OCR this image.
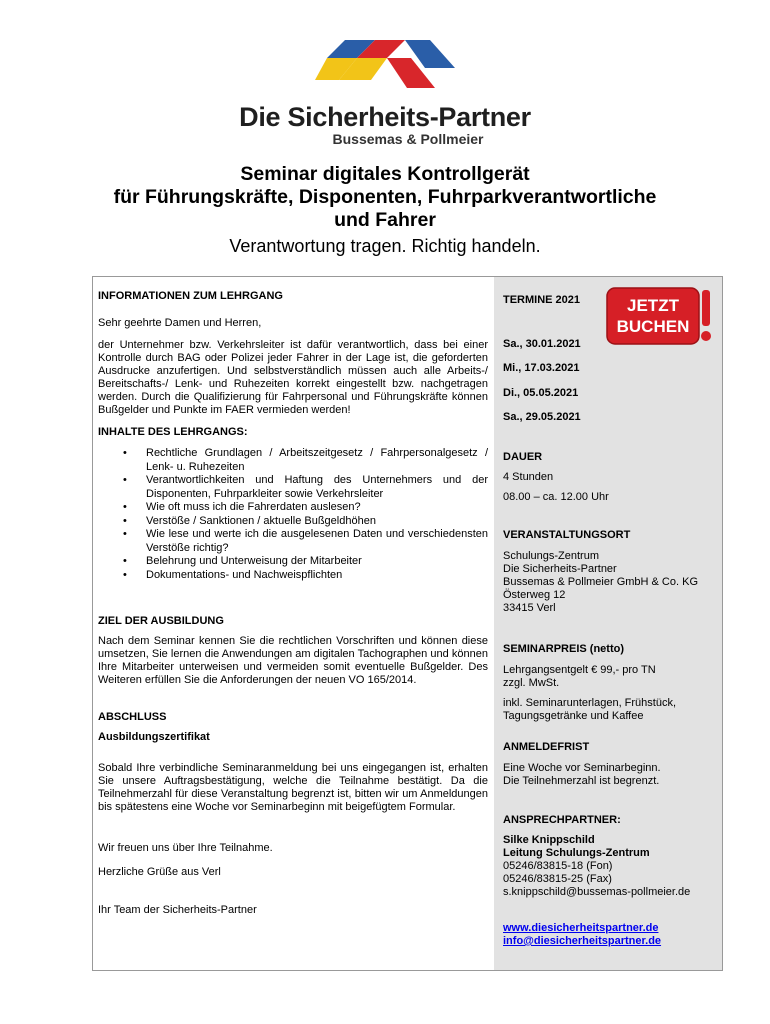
Die Sicherheits-Partner
Bussemas & Pollmeier
Seminar digitales Kontrollgerät
für Führungskräfte, Disponenten, Fuhrparkverantwortliche
und Fahrer
Verantwortung tragen. Richtig handeln.
INFORMATIONEN ZUM LEHRGANG
Sehr geehrte Damen und Herren,
der Unternehmer bzw. Verkehrsleiter ist dafür verantwortlich, dass bei einer Kontrolle durch BAG oder Polizei jeder Fahrer in der Lage ist, die geforderten Ausdrucke anzufertigen. Und selbstverständlich müssen auch alle Arbeits-/ Bereitschafts-/ Lenk- und Ruhezeiten korrekt eingestellt bzw. nachgetragen werden. Durch die Qualifizierung für Fahrpersonal und Führungskräfte können Bußgelder und Punkte im FAER vermieden werden!
INHALTE DES LEHRGANGS:
• Rechtliche Grundlagen / Arbeitszeitgesetz / Fahrpersonalgesetz / Lenk- u. Ruhezeiten
• Verantwortlichkeiten und Haftung des Unternehmers und der Disponenten, Fuhrparkleiter sowie Verkehrsleiter
• Wie oft muss ich die Fahrerdaten auslesen?
• Verstöße / Sanktionen / aktuelle Bußgeldhöhen
• Wie lese und werte ich die ausgelesenen Daten und verschiedensten Verstöße richtig?
• Belehrung und Unterweisung der Mitarbeiter
• Dokumentations- und Nachweispflichten
ZIEL DER AUSBILDUNG
Nach dem Seminar kennen Sie die rechtlichen Vorschriften und können diese umsetzen, Sie lernen die Anwendungen am digitalen Tachographen und können Ihre Mitarbeiter unterweisen und vermeiden somit eventuelle Bußgelder. Des Weiteren erfüllen Sie die Anforderungen der neuen VO 165/2014.
ABSCHLUSS
Ausbildungszertifikat
Sobald Ihre verbindliche Seminaranmeldung bei uns eingegangen ist, erhalten Sie unsere Auftragsbestätigung, welche die Teilnahme bestätigt. Da die Teilnehmerzahl für diese Veranstaltung begrenzt ist, bitten wir um Anmeldungen bis spätestens eine Woche vor Seminarbeginn mit beigefügtem Formular.
Wir freuen uns über Ihre Teilnahme.
Herzliche Grüße aus Verl
Ihr Team der Sicherheits-Partner
TERMINE 2021	JETZT
BUCHEN
Sa., 30.01.2021
Mi., 17.03.2021
Di., 05.05.2021
Sa., 29.05.2021
DAUER
4 Stunden
08.00 – ca. 12.00 Uhr
VERANSTALTUNGSORT
Schulungs-Zentrum
Die Sicherheits-Partner
Bussemas & Pollmeier GmbH & Co. KG
Österweg 12
33415 Verl
SEMINARPREIS (netto)
Lehrgangsentgelt € 99,- pro TN
zzgl. MwSt.
inkl. Seminarunterlagen, Frühstück,
Tagungsgetränke und Kaffee
ANMELDEFRIST
Eine Woche vor Seminarbeginn.
Die Teilnehmerzahl ist begrenzt.
ANSPRECHPARTNER:
Silke Knippschild
Leitung Schulungs-Zentrum
05246/83815-18 (Fon)
05246/83815-25 (Fax)
s.knippschild@bussemas-pollmeier.de
www.diesicherheitspartner.de
info@diesicherheitspartner.de
